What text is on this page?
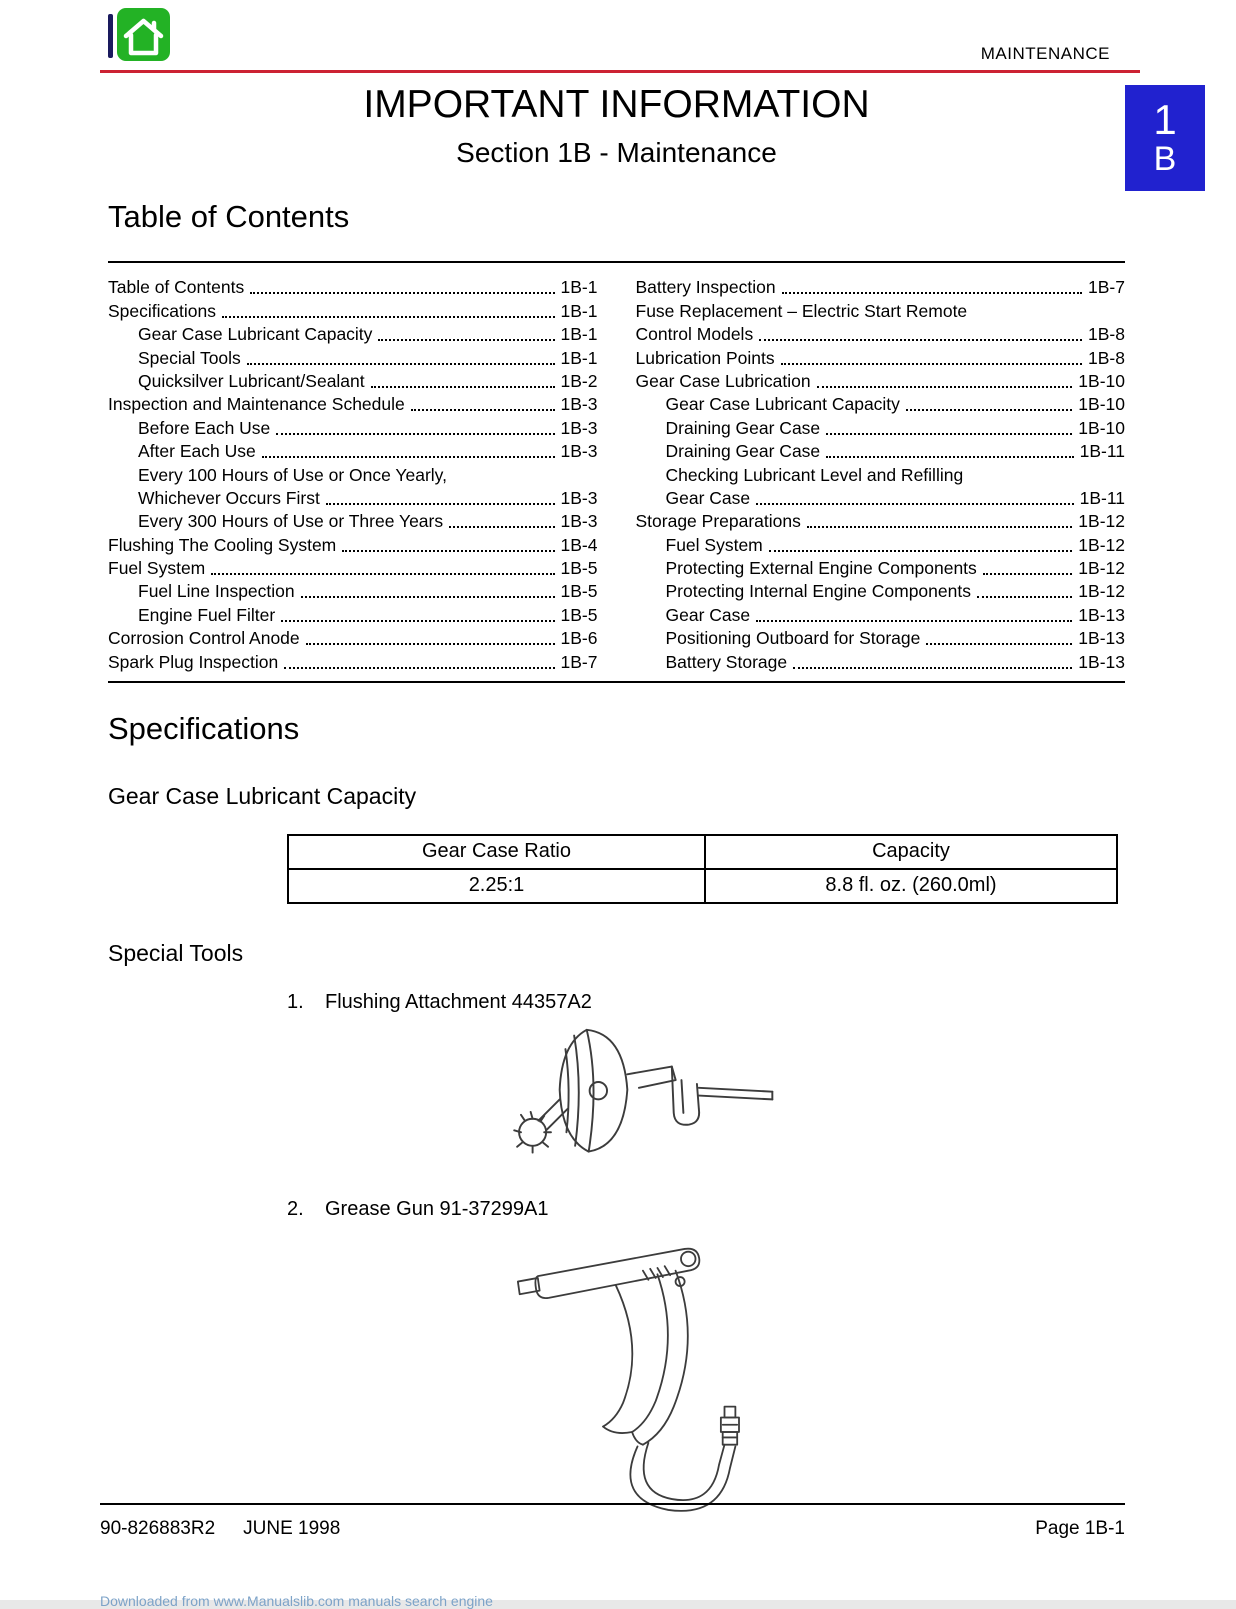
1
B
MAINTENANCE
IMPORTANT INFORMATION
Section 1B - Maintenance
Table of Contents
Table of Contents	1B-1
Specifications	1B-1
Gear Case Lubricant Capacity	1B-1
Special Tools	1B-1
Quicksilver Lubricant/Sealant	1B-2
Inspection and Maintenance Schedule	1B-3
Before Each Use	1B-3
After Each Use	1B-3
Every 100 Hours of Use or Once Yearly,
Whichever Occurs First	1B-3
Every 300 Hours of Use or Three Years	1B-3
Flushing The Cooling System	1B-4
Fuel System	1B-5
Fuel Line Inspection	1B-5
Engine Fuel Filter	1B-5
Corrosion Control Anode	1B-6
Spark Plug Inspection	1B-7
Battery Inspection	1B-7
Fuse Replacement – Electric Start Remote
Control Models	1B-8
Lubrication Points	1B-8
Gear Case Lubrication	1B-10
Gear Case Lubricant Capacity	1B-10
Draining Gear Case	1B-10
Draining Gear Case	1B-11
Checking Lubricant Level and Refilling
Gear Case	1B-11
Storage Preparations	1B-12
Fuel System	1B-12
Protecting External Engine Components	1B-12
Protecting Internal Engine Components	1B-12
Gear Case	1B-13
Positioning Outboard for Storage	1B-13
Battery Storage	1B-13
Specifications
Gear Case Lubricant Capacity
Gear Case Ratio	Capacity
2.25:1	8.8 fl. oz. (260.0ml)
Special Tools
1.	Flushing Attachment 44357A2
2.	Grease Gun 91-37299A1
90-826883R2 JUNE 1998	Page 1B-1
Downloaded from www.Manualslib.com manuals search engine
